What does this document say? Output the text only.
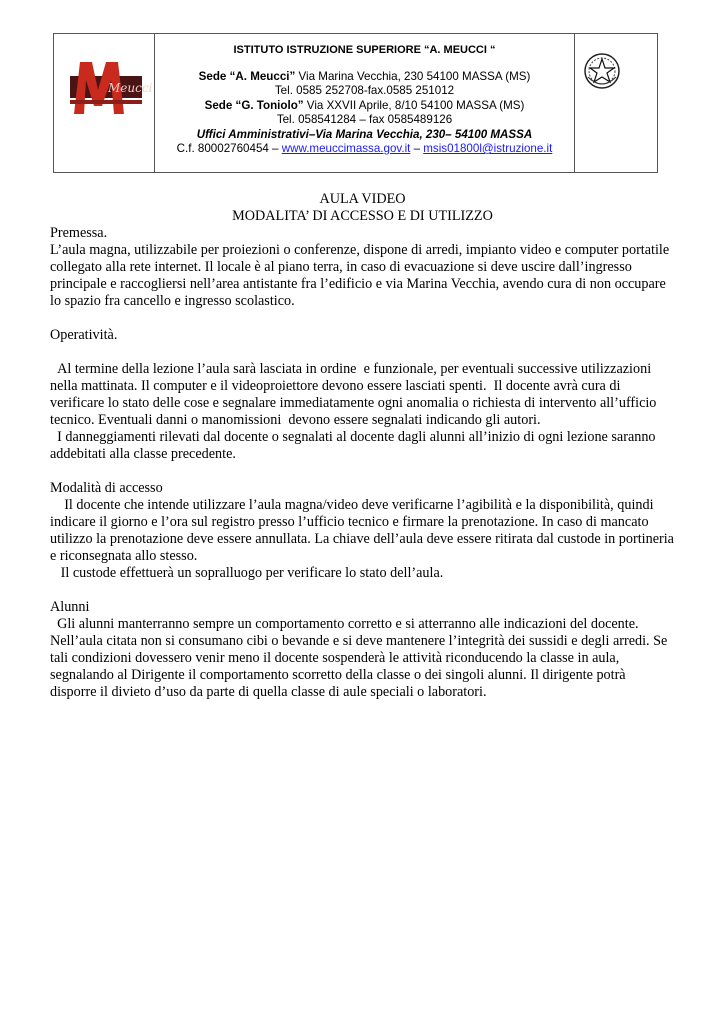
Meucci
ISTITUTO ISTRUZIONE SUPERIORE “A. MEUCCI “
Sede “A. Meucci” Via Marina Vecchia, 230 54100 MASSA (MS)
Tel. 0585 252708-fax.0585 251012
Sede “G. Toniolo” Via XXVII Aprile, 8/10 54100 MASSA (MS)
Tel. 058541284 – fax 0585489126
Uffici Amministrativi–Via Marina Vecchia, 230– 54100 MASSA
C.f. 80002760454 – www.meuccimassa.gov.it – msis01800l@istruzione.it

AULA VIDEO

MODALITA’ DI ACCESSO E DI UTILIZZO

Premessa.

L’aula magna, utilizzabile per proiezioni o conferenze, dispone di arredi, impianto video e computer portatile collegato alla rete internet. Il locale è al piano terra, in caso di evacuazione si deve uscire dall’ingresso principale e raccogliersi nell’area antistante fra l’edificio e via Marina Vecchia, avendo cura di non occupare lo spazio fra cancello e ingresso scolastico.

Operatività.

Al termine della lezione l’aula sarà lasciata in ordine  e funzionale, per eventuali successive utilizzazioni nella mattinata. Il computer e il videoproiettore devono essere lasciati spenti.  Il docente avrà cura di verificare lo stato delle cose e segnalare immediatamente ogni anomalia o richiesta di intervento all’ufficio tecnico. Eventuali danni o manomissioni  devono essere segnalati indicando gli autori.

I danneggiamenti rilevati dal docente o segnalati al docente dagli alunni all’inizio di ogni lezione saranno addebitati alla classe precedente.

Modalità di accesso

Il docente che intende utilizzare l’aula magna/video deve verificarne l’agibilità e la disponibilità, quindi indicare il giorno e l’ora sul registro presso l’ufficio tecnico e firmare la prenotazione. In caso di mancato utilizzo la prenotazione deve essere annullata. La chiave dell’aula deve essere ritirata dal custode in portineria e riconsegnata allo stesso.

Il custode effettuerà un sopralluogo per verificare lo stato dell’aula.

Alunni

Gli alunni manterranno sempre un comportamento corretto e si atterranno alle indicazioni del docente. Nell’aula citata non si consumano cibi o bevande e si deve mantenere l’integrità dei sussidi e degli arredi. Se tali condizioni dovessero venir meno il docente sospenderà le attività riconducendo la classe in aula, segnalando al Dirigente il comportamento scorretto della classe o dei singoli alunni. Il dirigente potrà disporre il divieto d’uso da parte di quella classe di aule speciali o laboratori.
